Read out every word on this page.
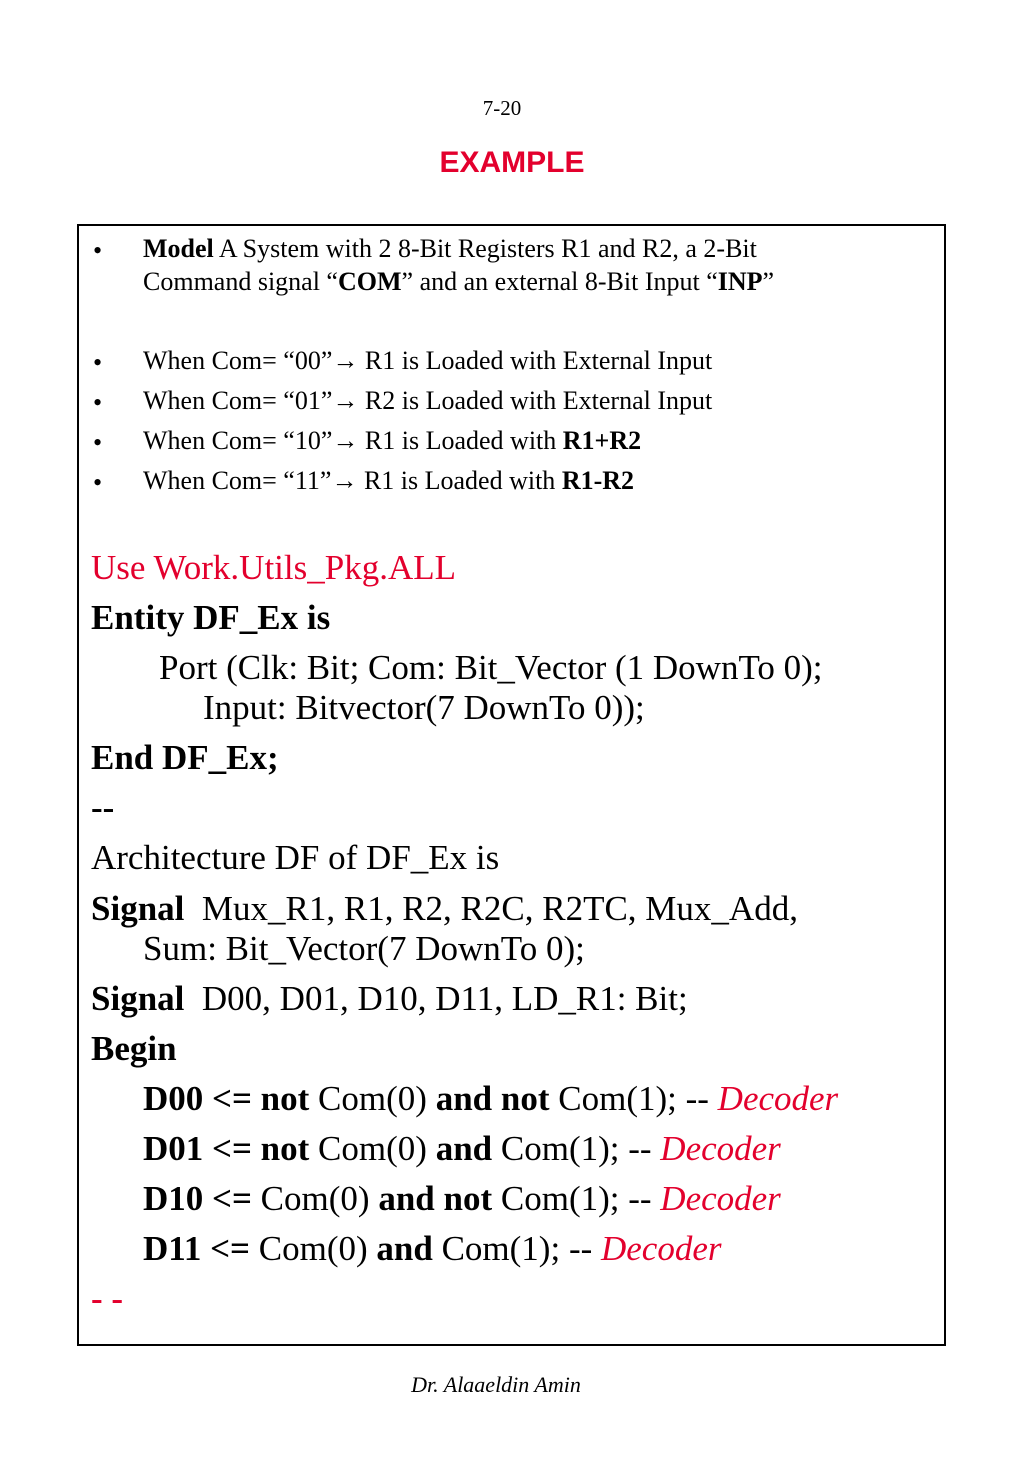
7-20
EXAMPLE
• Model A System with 2 8-Bit Registers R1 and R2, a 2-Bit
Command signal “COM” and an external 8-Bit Input “INP”
• When Com= “00”→ R1 is Loaded with External Input
• When Com= “01”→ R2 is Loaded with External Input
• When Com= “10”→ R1 is Loaded with R1+R2
• When Com= “11”→ R1 is Loaded with R1-R2
Use Work.Utils_Pkg.ALL
Entity DF_Ex is
Port (Clk: Bit; Com: Bit_Vector (1 DownTo 0);
Input: Bitvector(7 DownTo 0));
End DF_Ex;
--
Architecture DF of DF_Ex is
Signal Mux_R1, R1, R2, R2C, R2TC, Mux_Add,
Sum: Bit_Vector(7 DownTo 0);
Signal D00, D01, D10, D11, LD_R1: Bit;
Begin
D00 <= not Com(0) and not Com(1); -- Decoder
D01 <= not Com(0) and Com(1); -- Decoder
D10 <= Com(0) and not Com(1); -- Decoder
D11 <= Com(0) and Com(1); -- Decoder
- -
Dr. Alaaeldin Amin
